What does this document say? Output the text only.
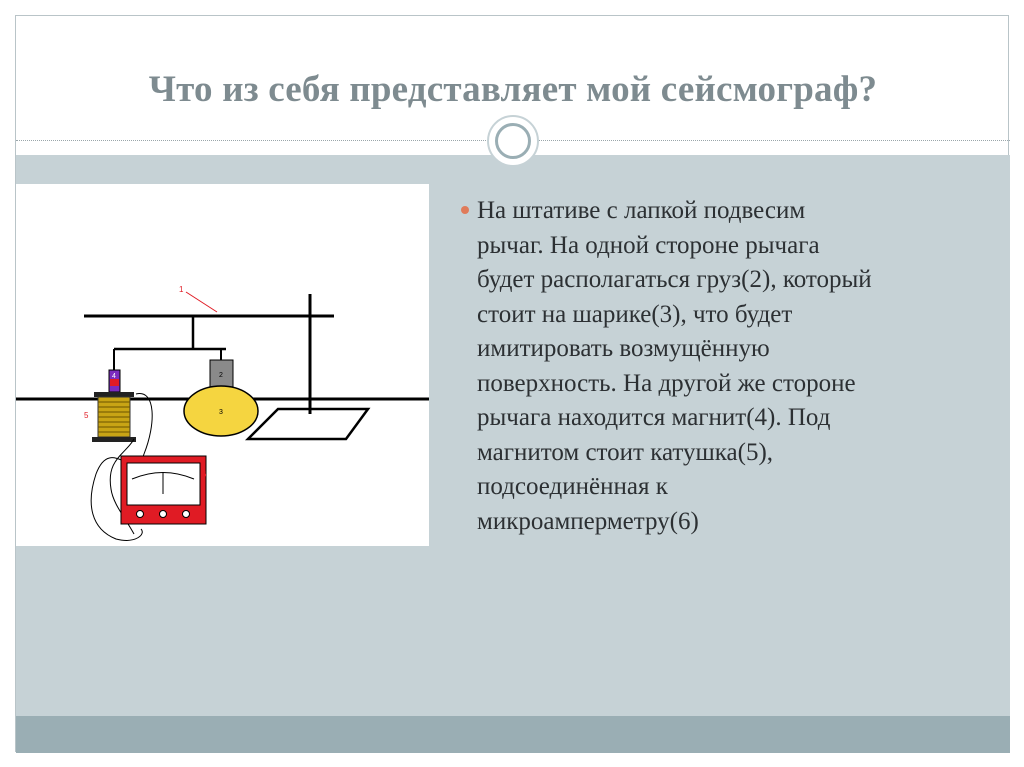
Что из себя представляет мой сейсмограф?
1
4
5
2
3
6

На штативе с лапкой подвесим
рычаг. На одной стороне рычага
будет располагаться груз(2), который
стоит на шарике(3), что будет
имитировать возмущённую
поверхность. На другой же стороне
рычага находится магнит(4). Под
магнитом стоит катушка(5),
подсоединённая к
микроамперметру(6)
